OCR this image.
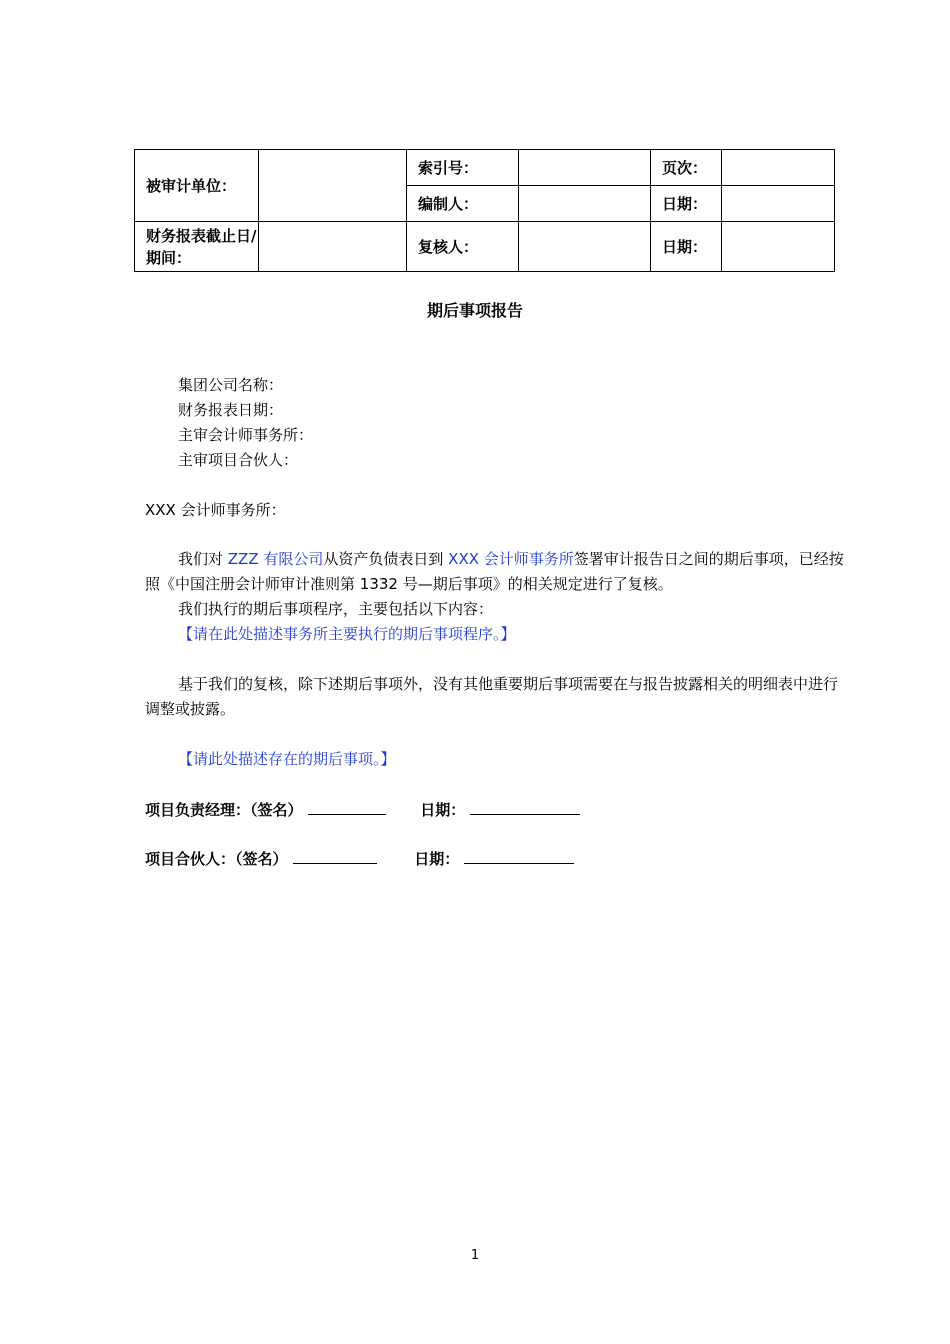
被审计单位：		索引号：		页次：	
		编制人：		日期：	
财务报表截止日/期间：		复核人：		日期：	
期后事项报告
集团公司名称：
财务报表日期：
主审会计师事务所：
主审项目合伙人：
XXX 会计师事务所：
我们对 ZZZ 有限公司从资产负债表日到 XXX 会计师事务所签署审计报告日之间的期后事项，已经按照《中国注册会计师审计准则第 1332 号—期后事项》的相关规定进行了复核。
我们执行的期后事项程序，主要包括以下内容：
【请在此处描述事务所主要执行的期后事项程序。】
基于我们的复核，除下述期后事项外，没有其他重要期后事项需要在与报告披露相关的明细表中进行调整或披露。
【请此处描述存在的期后事项。】
项目负责经理：（签名）	日期：
项目合伙人：（签名）	日期：
1
